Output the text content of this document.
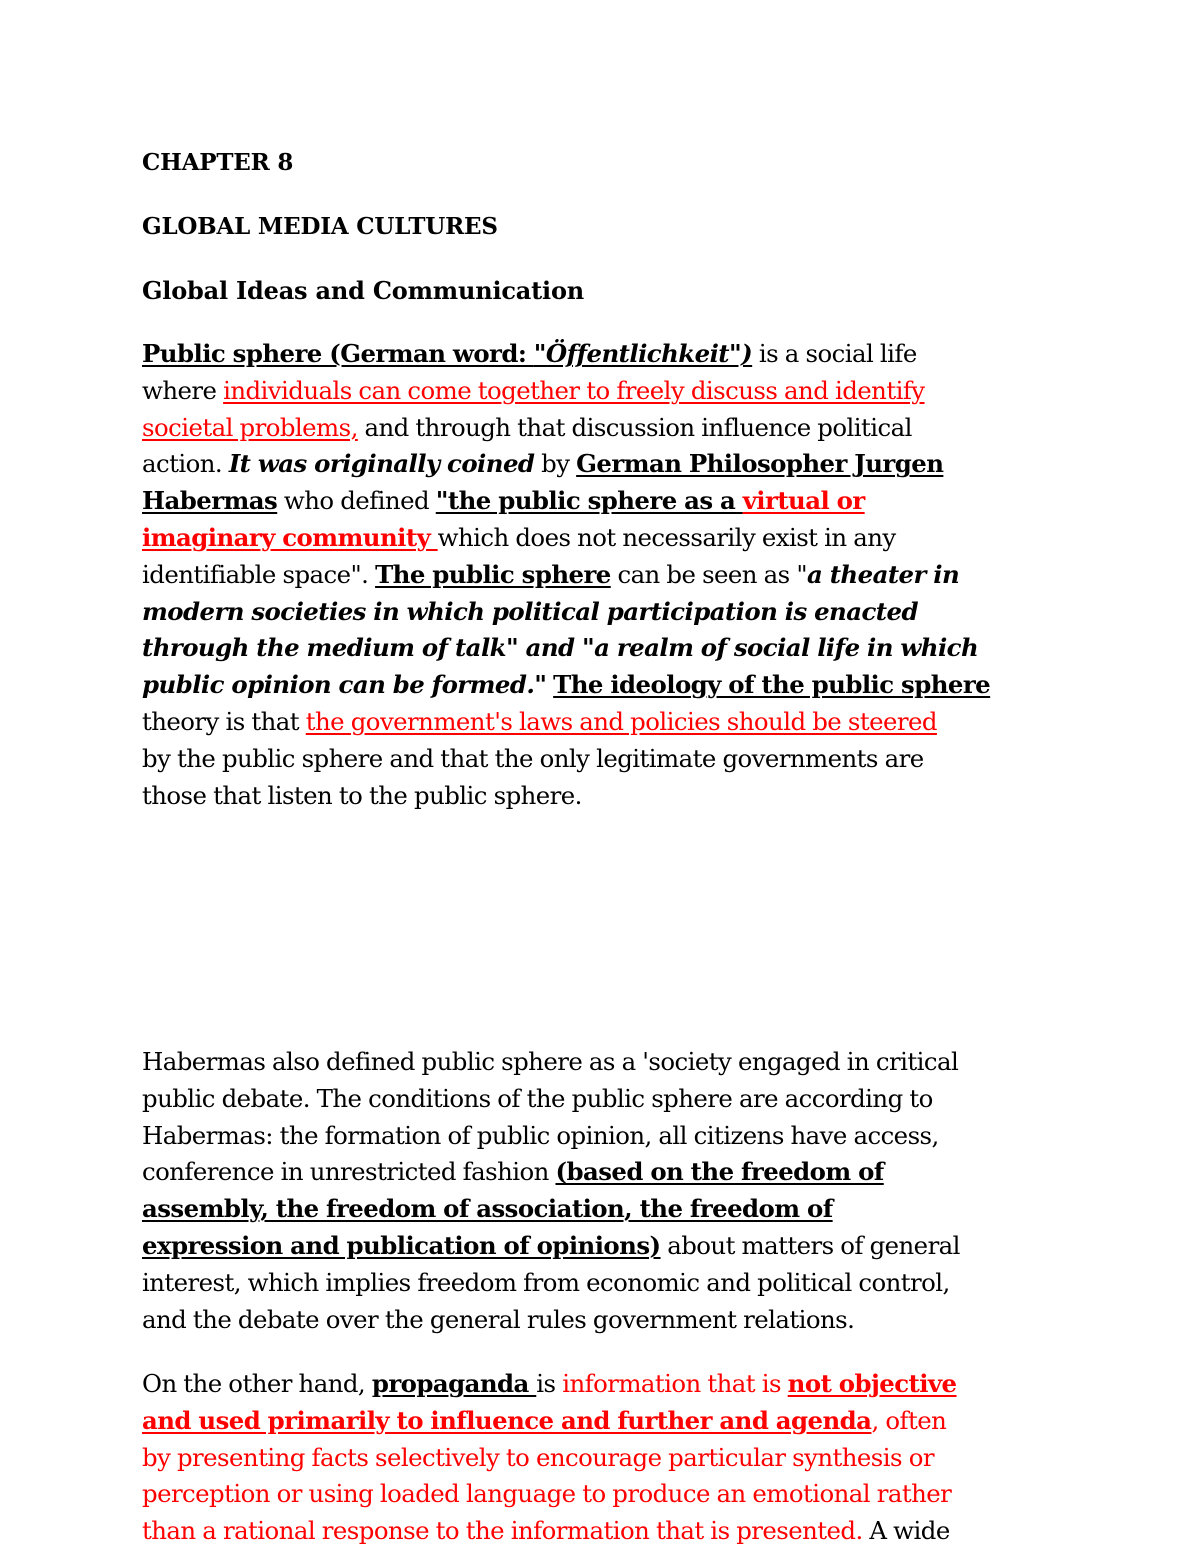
CHAPTER 8
GLOBAL MEDIA CULTURES
Global Ideas and Communication

Public sphere (German word: "Öffentlichkeit") is a social life
where individuals can come together to freely discuss and identify
societal problems, and through that discussion influence political
action. It was originally coined by German Philosopher Jurgen
Habermas who defined "the public sphere as a virtual or
imaginary community which does not necessarily exist in any
identifiable space". The public sphere can be seen as "a theater in
modern societies in which political participation is enacted
through the medium of talk" and "a realm of social life in which
public opinion can be formed." The ideology of the public sphere
theory is that the government's laws and policies should be steered
by the public sphere and that the only legitimate governments are
those that listen to the public sphere.

Habermas also defined public sphere as a 'society engaged in critical
public debate. The conditions of the public sphere are according to
Habermas: the formation of public opinion, all citizens have access,
conference in unrestricted fashion (based on the freedom of
assembly, the freedom of association, the freedom of
expression and publication of opinions) about matters of general
interest, which implies freedom from economic and political control,
and the debate over the general rules government relations.

On the other hand, propaganda is information that is not objective
and used primarily to influence and further and agenda, often
by presenting facts selectively to encourage particular synthesis or
perception or using loaded language to produce an emotional rather
than a rational response to the information that is presented. A wide
